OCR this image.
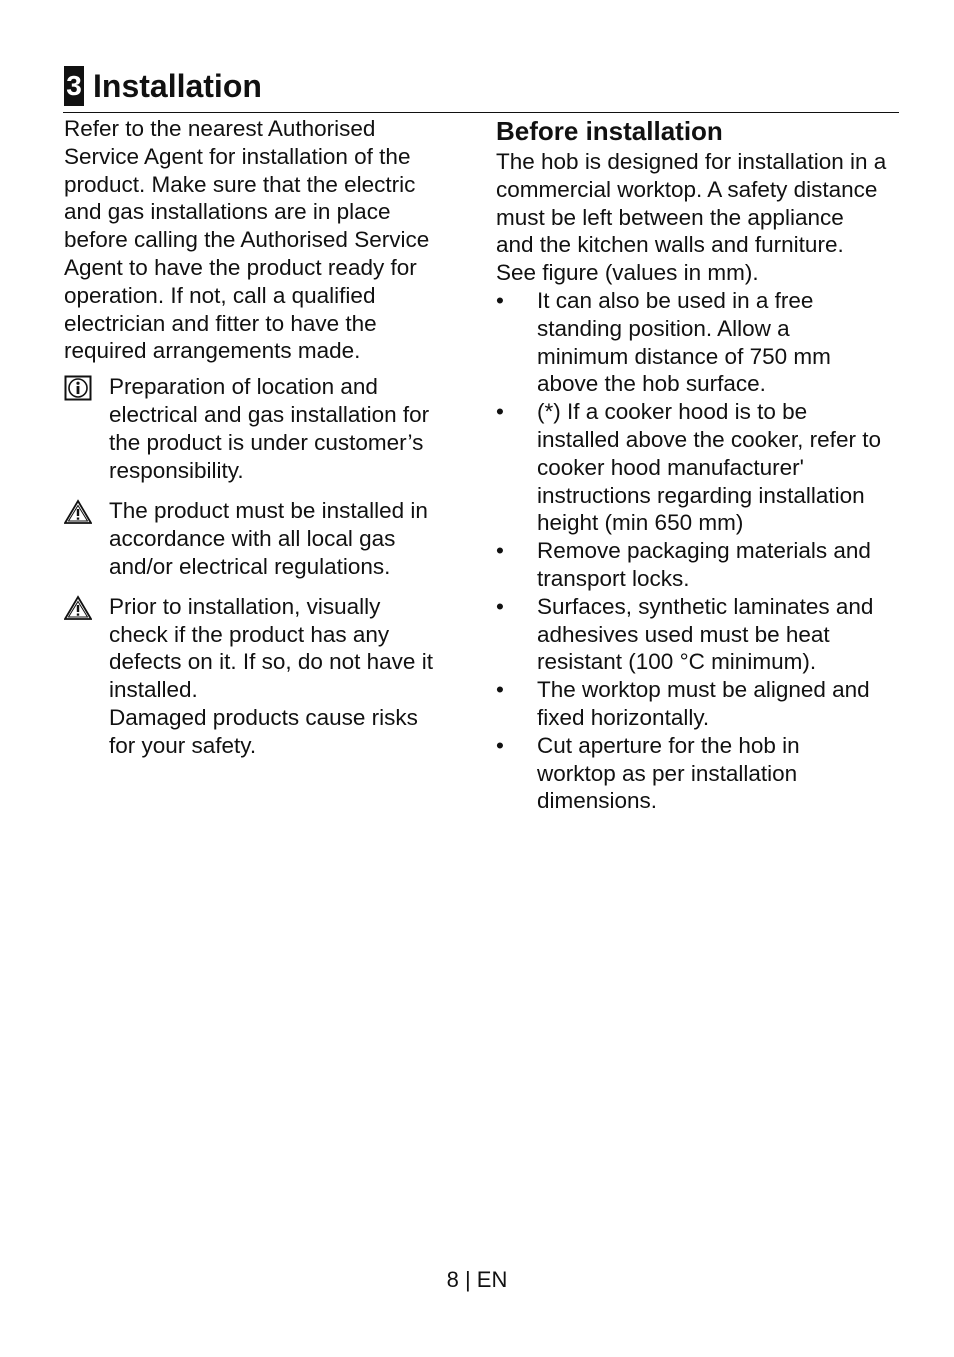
3 Installation

Refer to the nearest Authorised
Service Agent for installation of the
product. Make sure that the electric
and gas installations are in place
before calling the Authorised Service
Agent to have the product ready for
operation. If not, call a qualified
electrician and fitter to have the
required arrangements made.

Preparation of location and
electrical and gas installation for
the product is under customer’s
responsibility.

The product must be installed in
accordance with all local gas
and/or electrical regulations.

Prior to installation, visually
check if the product has any
defects on it. If so, do not have it
installed.
Damaged products cause risks
for your safety.

Before installation

The hob is designed for installation in a
commercial worktop. A safety distance
must be left between the appliance
and the kitchen walls and furniture.
See figure (values in mm).

• It can also be used in a free
standing position. Allow a
minimum distance of 750 mm
above the hob surface.

• (*) If a cooker hood is to be
installed above the cooker, refer to
cooker hood manufacturer'
instructions regarding installation
height (min 650 mm)

• Remove packaging materials and
transport locks.

• Surfaces, synthetic laminates and
adhesives used must be heat
resistant (100 °C minimum).

• The worktop must be aligned and
fixed horizontally.

• Cut aperture for the hob in
worktop as per installation
dimensions.

8 | EN
